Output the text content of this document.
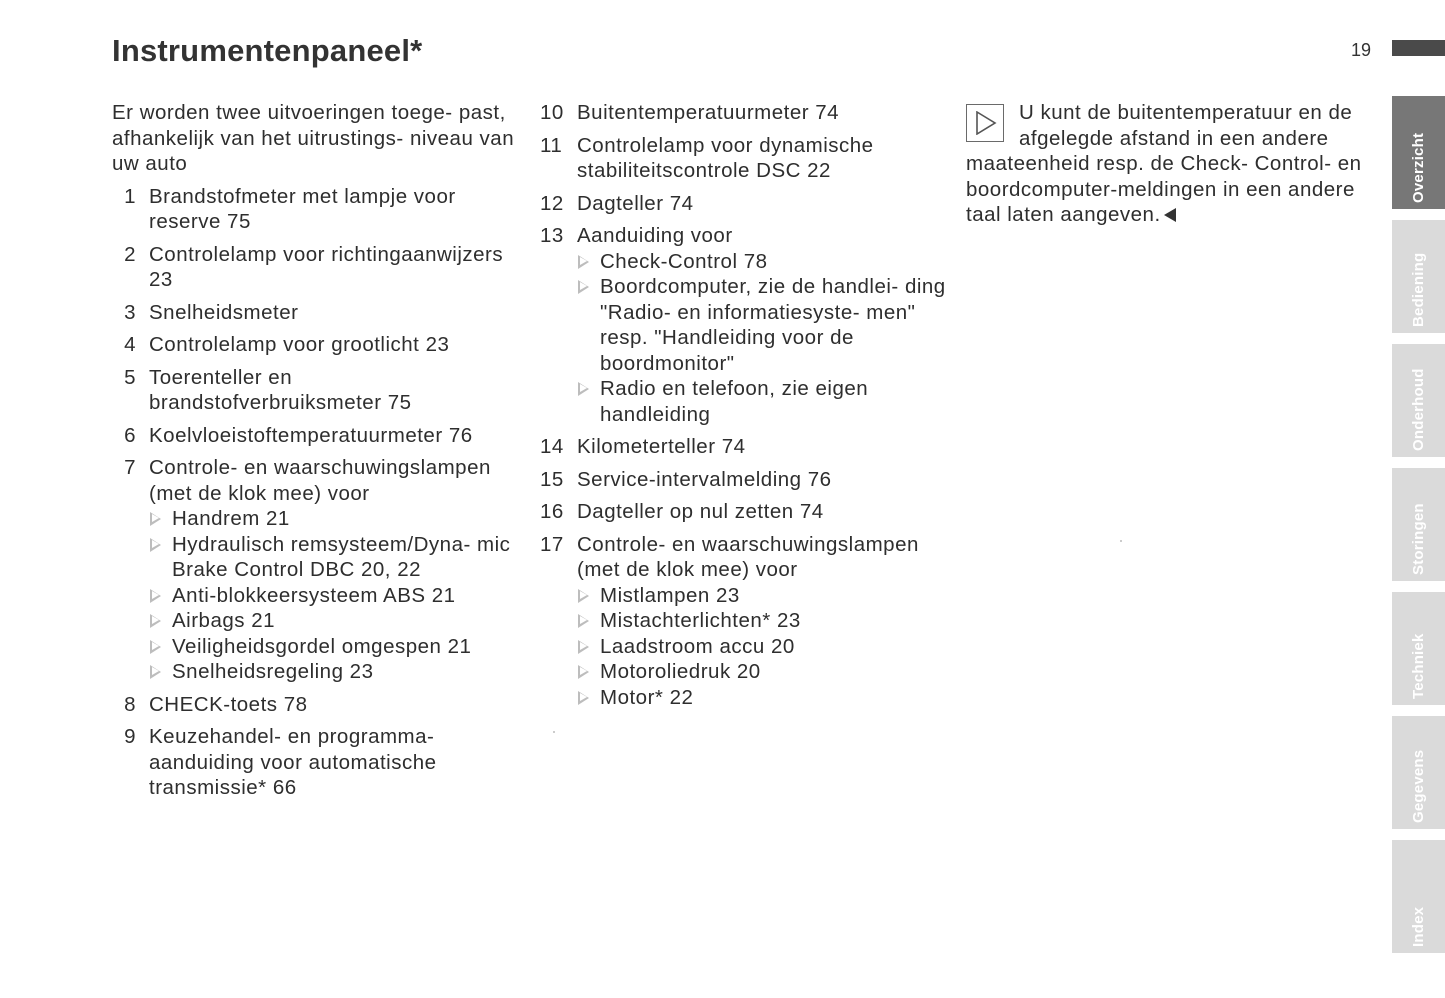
Instrumentenpaneel*	19

Er worden twee uitvoeringen toege- past, afhankelijk van het uitrustings- niveau van uw auto

1 Brandstofmeter met lampje voor reserve 75
2 Controlelamp voor richtingaanwijzers 23
3 Snelheidsmeter
4 Controlelamp voor grootlicht 23
5 Toerenteller en brandstofverbruiksmeter 75
6 Koelvloeistoftemperatuurmeter 76
7 Controle- en waarschuwingslampen (met de klok mee) voor
Handrem 21
Hydraulisch remsysteem/Dyna- mic Brake Control DBC 20, 22
Anti-blokkeersysteem ABS 21
Airbags 21
Veiligheidsgordel omgespen 21
Snelheidsregeling 23
8 CHECK-toets 78
9 Keuzehandel- en programma- aanduiding voor automatische transmissie* 66
10 Buitentemperatuurmeter 74
11 Controlelamp voor dynamische stabiliteitscontrole DSC 22
12 Dagteller 74
13 Aanduiding voor
Check-Control 78
Boordcomputer, zie de handlei- ding "Radio- en informatiesyste- men" resp. "Handleiding voor de boordmonitor"
Radio en telefoon, zie eigen handleiding
14 Kilometerteller 74
15 Service-intervalmelding 76
16 Dagteller op nul zetten 74
17 Controle- en waarschuwingslampen (met de klok mee) voor
Mistlampen 23
Mistachterlichten* 23
Laadstroom accu 20
Motoroliedruk 20
Motor* 22
U kunt de buitentemperatuur en de afgelegde afstand in een andere maateenheid resp. de Check- Control- en boordcomputer-meldingen in een andere taal laten aangeven.
Overzicht
Bediening
Onderhoud
Storingen
Techniek
Gegevens
Index
